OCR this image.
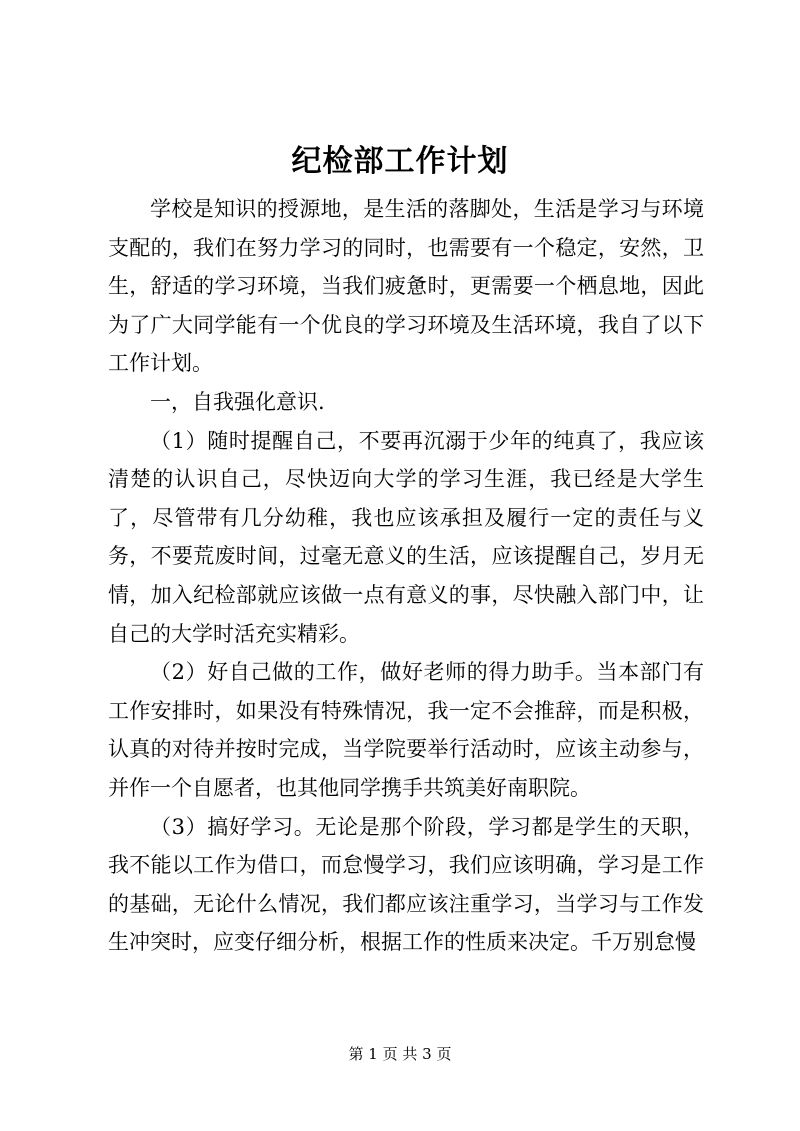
纪检部工作计划

学校是知识的授源地，是生活的落脚处，生活是学习与环境支配的，我们在努力学习的同时，也需要有一个稳定，安然，卫生，舒适的学习环境，当我们疲惫时，更需要一个栖息地，因此为了广大同学能有一个优良的学习环境及生活环境，我自了以下工作计划。

一，自我强化意识.

（1）随时提醒自己，不要再沉溺于少年的纯真了，我应该清楚的认识自己，尽快迈向大学的学习生涯，我已经是大学生了，尽管带有几分幼稚，我也应该承担及履行一定的责任与义务，不要荒废时间，过毫无意义的生活，应该提醒自己，岁月无情，加入纪检部就应该做一点有意义的事，尽快融入部门中，让自己的大学时活充实精彩。

（2）好自己做的工作，做好老师的得力助手。当本部门有工作安排时，如果没有特殊情况，我一定不会推辞，而是积极，认真的对待并按时完成，当学院要举行活动时，应该主动参与，并作一个自愿者，也其他同学携手共筑美好南职院。

（3）搞好学习。无论是那个阶段，学习都是学生的天职，我不能以工作为借口，而怠慢学习，我们应该明确，学习是工作的基础，无论什么情况，我们都应该注重学习，当学习与工作发生冲突时，应变仔细分析，根据工作的性质来决定。千万别怠慢

第 1 页 共 3 页
